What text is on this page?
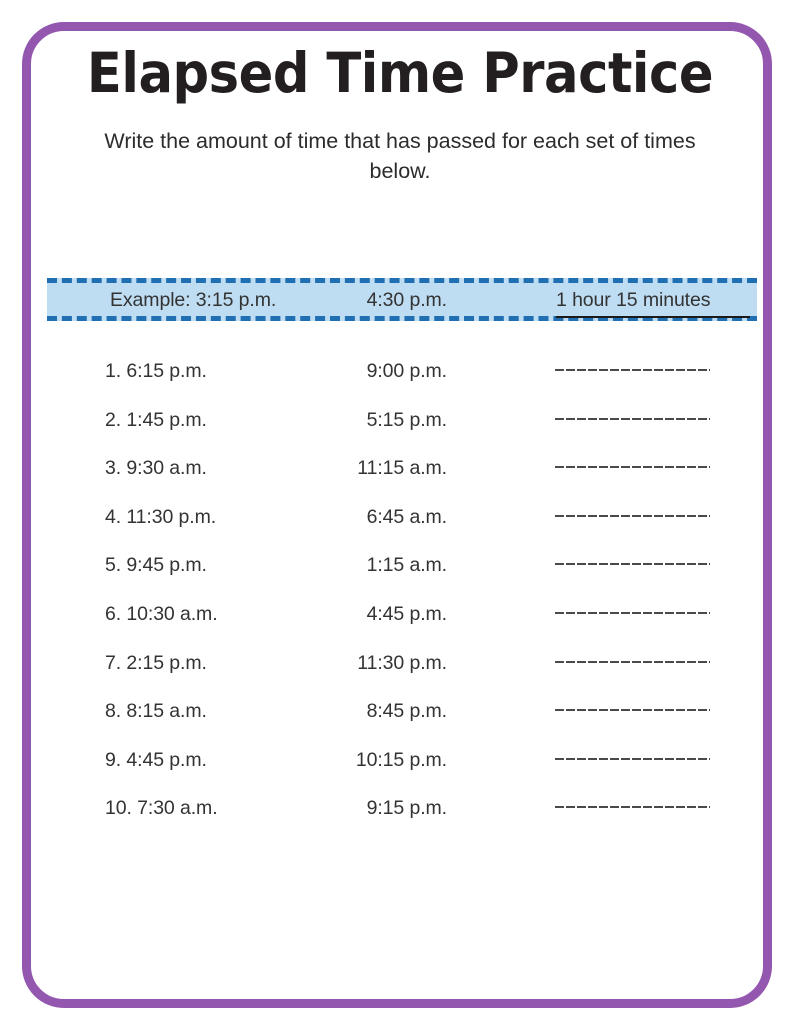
Elapsed Time Practice

Write the amount of time that has passed for each set of times below.

Example: 3:15 p.m.	4:30 p.m.	1 hour 15 minutes
1. 6:15 p.m.	9:00 p.m.
2. 1:45 p.m.	5:15 p.m.
3. 9:30 a.m.	11:15 a.m.
4. 11:30 p.m.	6:45 a.m.
5. 9:45 p.m.	1:15 a.m.
6. 10:30 a.m.	4:45 p.m.
7. 2:15 p.m.	11:30 p.m.
8. 8:15 a.m.	8:45 p.m.
9. 4:45 p.m.	10:15 p.m.
10. 7:30 a.m.	9:15 p.m.
